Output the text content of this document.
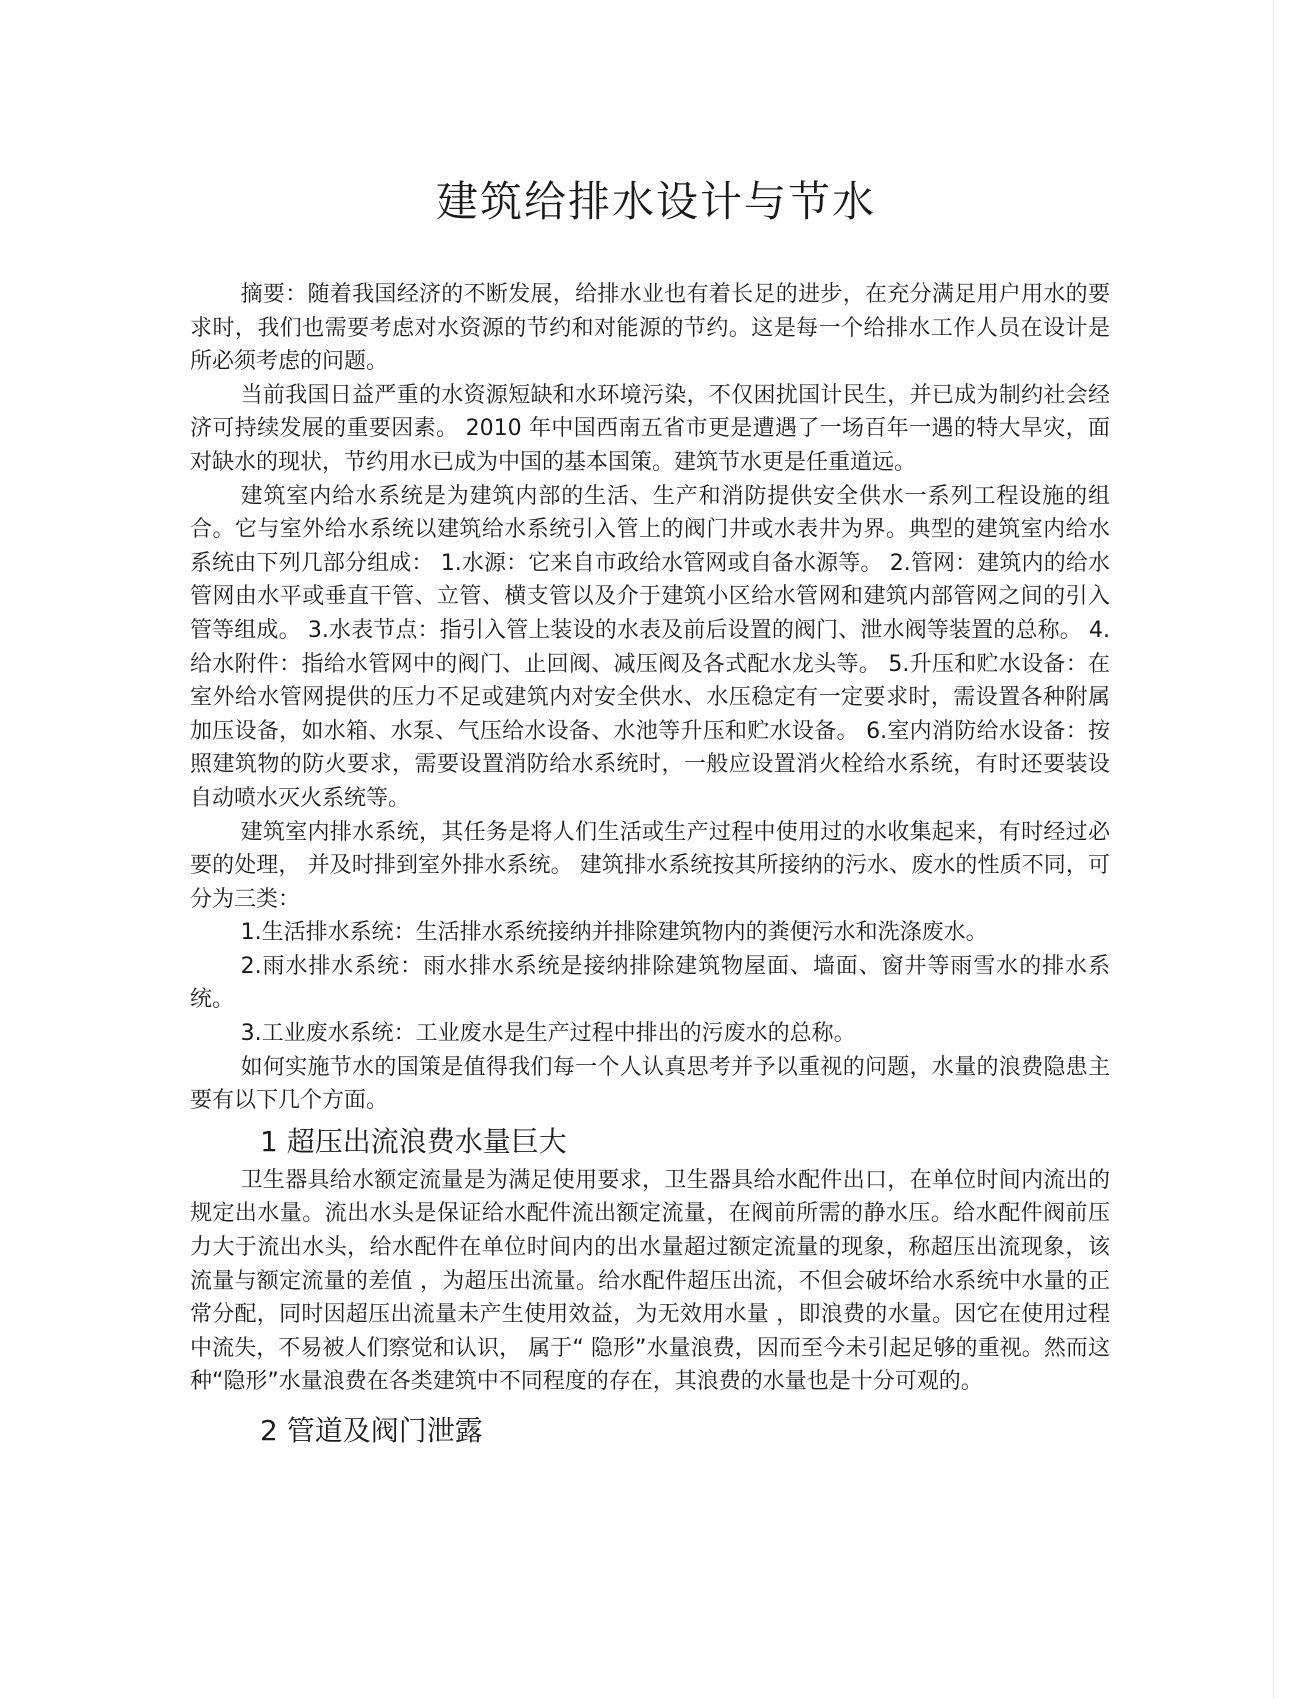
建筑给排水设计与节水

摘要：随着我国经济的不断发展，给排水业也有着长足的进步，在充分满足用户用水的要求时，我们也需要考虑对水资源的节约和对能源的节约。这是每一个给排水工作人员在设计是所必须考虑的问题。

当前我国日益严重的水资源短缺和水环境污染，不仅困扰国计民生，并已成为制约社会经济可持续发展的重要因素。 2010 年中国西南五省市更是遭遇了一场百年一遇的特大旱灾，面对缺水的现状，节约用水已成为中国的基本国策。建筑节水更是任重道远。

建筑室内给水系统是为建筑内部的生活、生产和消防提供安全供水一系列工程设施的组合。它与室外给水系统以建筑给水系统引入管上的阀门井或水表井为界。典型的建筑室内给水系统由下列几部分组成： 1.水源：它来自市政给水管网或自备水源等。 2.管网：建筑内的给水管网由水平或垂直干管、立管、横支管以及介于建筑小区给水管网和建筑内部管网之间的引入管等组成。 3.水表节点：指引入管上装设的水表及前后设置的阀门、泄水阀等装置的总称。 4.给水附件：指给水管网中的阀门、止回阀、减压阀及各式配水龙头等。 5.升压和贮水设备：在室外给水管网提供的压力不足或建筑内对安全供水、水压稳定有一定要求时，需设置各种附属加压设备，如水箱、水泵、气压给水设备、水池等升压和贮水设备。 6.室内消防给水设备：按照建筑物的防火要求，需要设置消防给水系统时，一般应设置消火栓给水系统，有时还要装设自动喷水灭火系统等。

建筑室内排水系统，其任务是将人们生活或生产过程中使用过的水收集起来，有时经过必要的处理， 并及时排到室外排水系统。 建筑排水系统按其所接纳的污水、废水的性质不同，可分为三类：

1.生活排水系统：生活排水系统接纳并排除建筑物内的粪便污水和洗涤废水。

2.雨水排水系统：雨水排水系统是接纳排除建筑物屋面、墙面、窗井等雨雪水的排水系统。

3.工业废水系统：工业废水是生产过程中排出的污废水的总称。

如何实施节水的国策是值得我们每一个人认真思考并予以重视的问题，水量的浪费隐患主要有以下几个方面。

1 超压出流浪费水量巨大

卫生器具给水额定流量是为满足使用要求，卫生器具给水配件出口，在单位时间内流出的规定出水量。流出水头是保证给水配件流出额定流量，在阀前所需的静水压。给水配件阀前压力大于流出水头，给水配件在单位时间内的出水量超过额定流量的现象，称超压出流现象，该流量与额定流量的差值 ，为超压出流量。给水配件超压出流，不但会破坏给水系统中水量的正常分配，同时因超压出流量未产生使用效益，为无效用水量 ，即浪费的水量。因它在使用过程中流失，不易被人们察觉和认识， 属于“ 隐形”水量浪费，因而至今未引起足够的重视。然而这种“隐形”水量浪费在各类建筑中不同程度的存在，其浪费的水量也是十分可观的。

2 管道及阀门泄露
